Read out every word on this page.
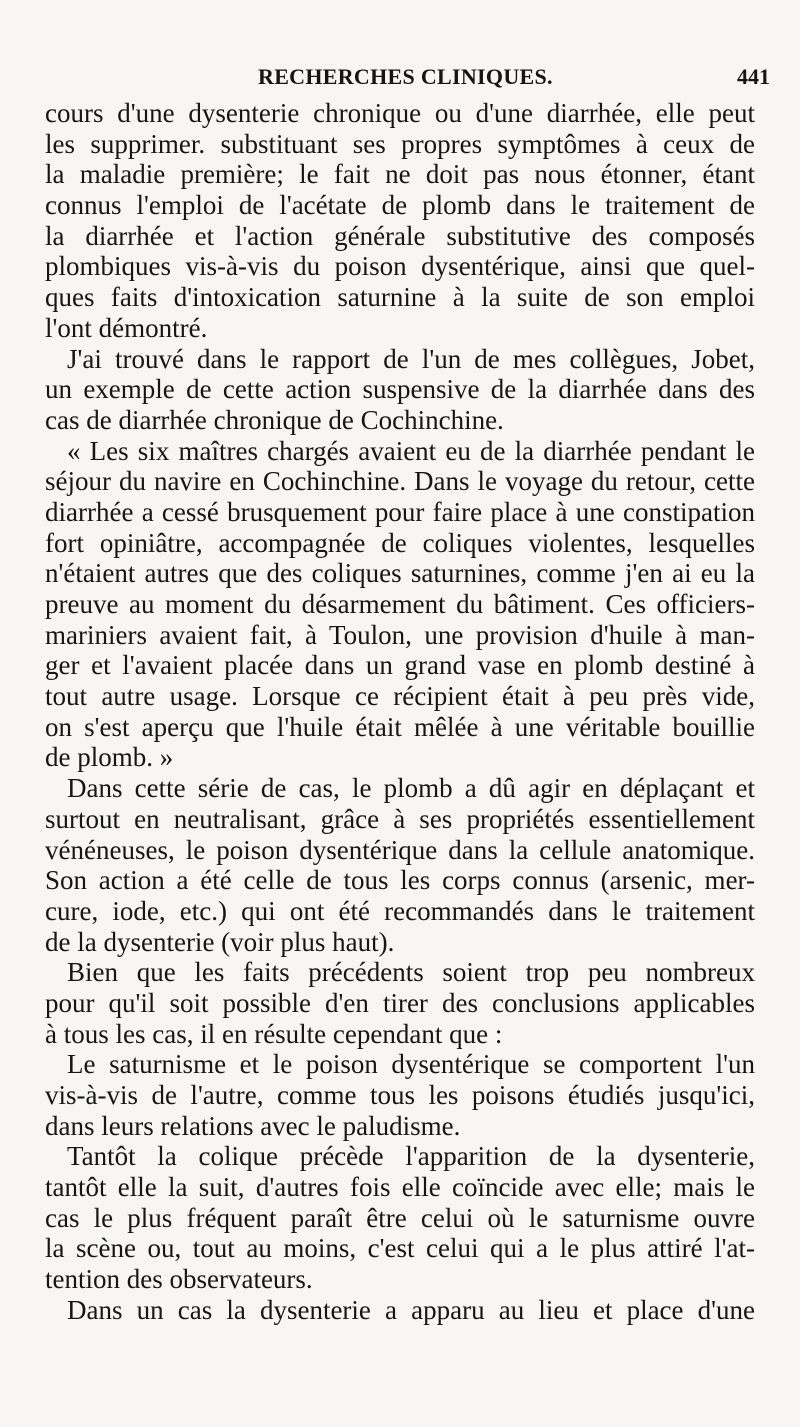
RECHERCHES CLINIQUES.	441
cours d'une dysenterie chronique ou d'une diarrhée, elle peut
les supprimer. substituant ses propres symptômes à ceux de
la maladie première; le fait ne doit pas nous étonner, étant
connus l'emploi de l'acétate de plomb dans le traitement de
la diarrhée et l'action générale substitutive des composés
plombiques vis-à-vis du poison dysentérique, ainsi que quel-
ques faits d'intoxication saturnine à la suite de son emploi
l'ont démontré.
J'ai trouvé dans le rapport de l'un de mes collègues, Jobet,
un exemple de cette action suspensive de la diarrhée dans des
cas de diarrhée chronique de Cochinchine.
« Les six maîtres chargés avaient eu de la diarrhée pendant le
séjour du navire en Cochinchine. Dans le voyage du retour, cette
diarrhée a cessé brusquement pour faire place à une constipation
fort opiniâtre, accompagnée de coliques violentes, lesquelles
n'étaient autres que des coliques saturnines, comme j'en ai eu la
preuve au moment du désarmement du bâtiment. Ces officiers-
mariniers avaient fait, à Toulon, une provision d'huile à man-
ger et l'avaient placée dans un grand vase en plomb destiné à
tout autre usage. Lorsque ce récipient était à peu près vide,
on s'est aperçu que l'huile était mêlée à une véritable bouillie
de plomb. »
Dans cette série de cas, le plomb a dû agir en déplaçant et
surtout en neutralisant, grâce à ses propriétés essentiellement
vénéneuses, le poison dysentérique dans la cellule anatomique.
Son action a été celle de tous les corps connus (arsenic, mer-
cure, iode, etc.) qui ont été recommandés dans le traitement
de la dysenterie (voir plus haut).
Bien que les faits précédents soient trop peu nombreux
pour qu'il soit possible d'en tirer des conclusions applicables
à tous les cas, il en résulte cependant que :
Le saturnisme et le poison dysentérique se comportent l'un
vis-à-vis de l'autre, comme tous les poisons étudiés jusqu'ici,
dans leurs relations avec le paludisme.
Tantôt la colique précède l'apparition de la dysenterie,
tantôt elle la suit, d'autres fois elle coïncide avec elle; mais le
cas le plus fréquent paraît être celui où le saturnisme ouvre
la scène ou, tout au moins, c'est celui qui a le plus attiré l'at-
tention des observateurs.
Dans un cas la dysenterie a apparu au lieu et place d'une
